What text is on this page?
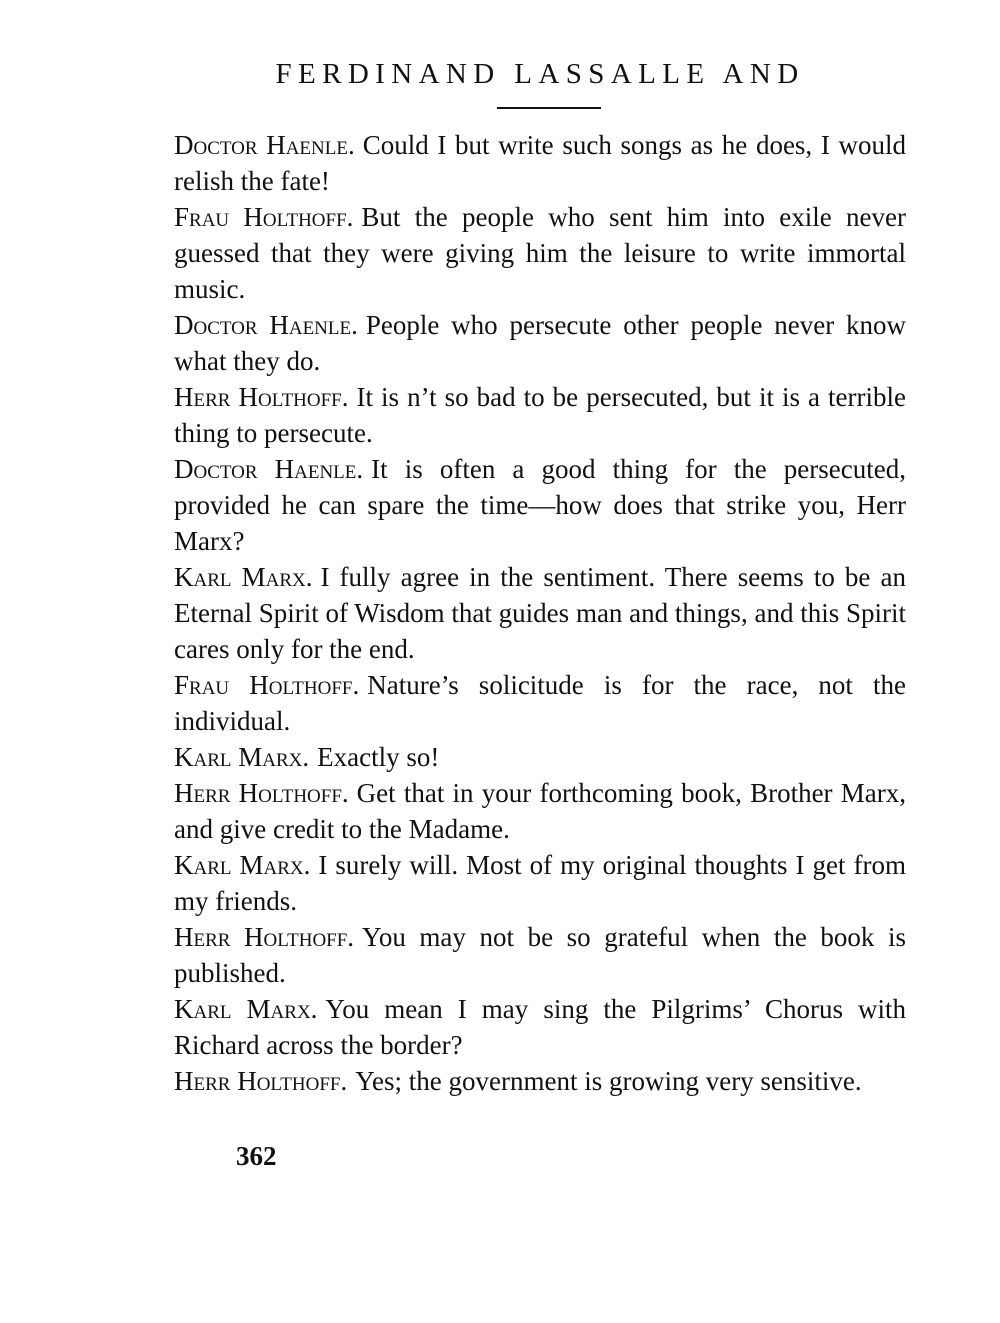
FERDINAND LASSALLE AND

Doctor Haenle. Could I but write such songs as he does, I would relish the fate!

Frau Holthoff. But the people who sent him into exile never guessed that they were giving him the leisure to write immortal music.

Doctor Haenle. People who persecute other people never know what they do.

Herr Holthoff. It is n’t so bad to be persecuted, but it is a terrible thing to persecute.

Doctor Haenle. It is often a good thing for the persecuted, provided he can spare the time—how does that strike you, Herr Marx?

Karl Marx. I fully agree in the sentiment. There seems to be an Eternal Spirit of Wisdom that guides man and things, and this Spirit cares only for the end.

Frau Holthoff. Nature’s solicitude is for the race, not the individual.

Karl Marx. Exactly so!

Herr Holthoff. Get that in your forthcoming book, Brother Marx, and give credit to the Madame.

Karl Marx. I surely will. Most of my original thoughts I get from my friends.

Herr Holthoff. You may not be so grateful when the book is published.

Karl Marx. You mean I may sing the Pilgrims’ Chorus with Richard across the border?

Herr Holthoff. Yes; the government is growing very sensitive.

362
